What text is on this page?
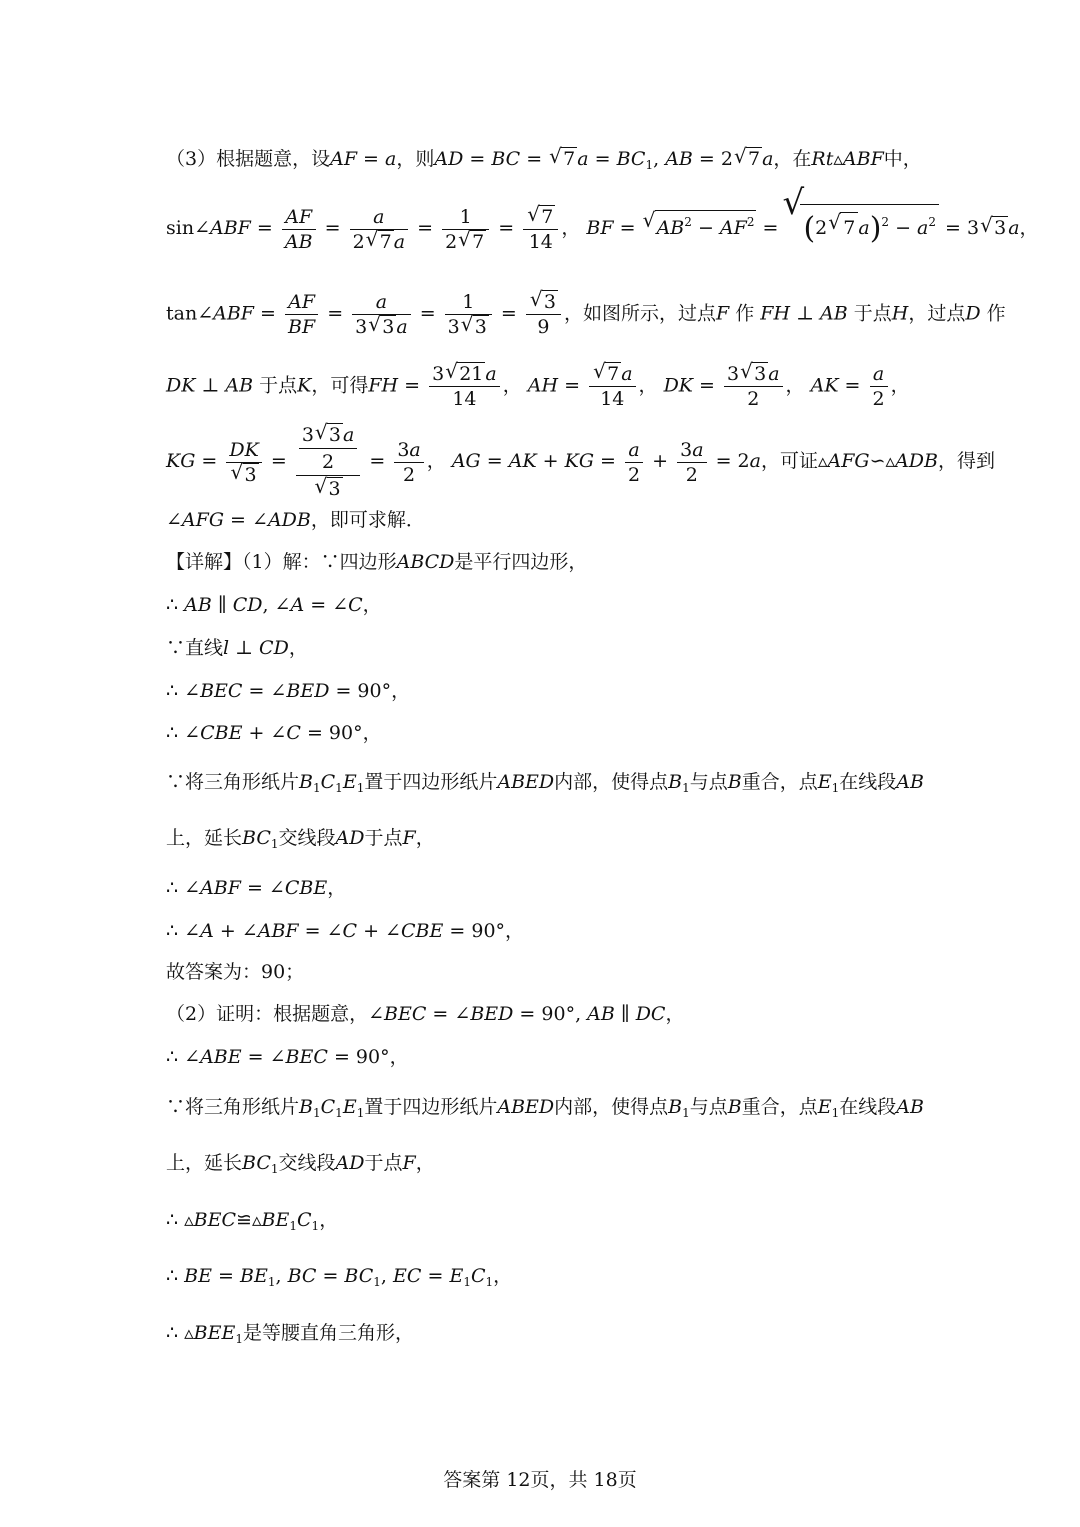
（3）根据题意，设AF = a，则AD = BC = √ 7 $a = BC_1$, AB = 2√ 7 a，在Rt▵ABF中，
sin∠ABF = $\frac{AF}{AB} = \frac{a}{2√ 7 a} = \frac{1}{2√ 7}$ =
√ $\frac{7}{14}$ ， BF = √ $AB^2 - AF^2$ = √ (2√ 7 $a)^2 - a^2 = 3√$ 3 a，
tan∠ABF = $\frac{AF}{BF} = \frac{a}{3√ 3 a} = \frac{1}{3√ 3}$ =
√ $\frac{3}{9}$ ，如图所示，过点F 作 FH ⊥ AB 于点H，过点D 作
DK ⊥ AB 于点K，可得FH = $\frac{3√ 21 a}{14}$ ， AH =
√ $\frac{7 a}{14}$ ， DK = $\frac{3√ 3 a}{2}$ ， AK = $\frac{a}{2}$ ，
KG = DK
√ $3 = \frac{3√ 3 a}{2}$
√ $3 = \frac{3a}{2}$ ， AG = AK + KG = $\frac{a}{2} + \frac{3a}{2} = 2a$，可证▵AFG∽▵ADB，得到
∠AFG = ∠ADB，即可求解．
【详解】（1）解：∵四边形ABCD是平行四边形，
∴ AB ∥ CD, ∠A = ∠C，
∵直线l ⊥ CD，
∴ ∠BEC = ∠BED = 90°，
∴ ∠CBE + ∠C = 90°，
∵将三角形纸片$B_1C_1E_1$置于四边形纸片ABED内部，使得点$B_1$与点B重合，点$E_1$在线段AB
上，延长$BC_1$交线段AD于点F，
∴ ∠ABF = ∠CBE，
∴ ∠A + ∠ABF = ∠C + ∠CBE = 90°，
故答案为：90；
（2）证明：根据题意，∠BEC = ∠BED = 90°, AB ∥ DC，
∴ ∠ABE = ∠BEC = 90°，
∵将三角形纸片$B_1C_1E_1$置于四边形纸片ABED内部，使得点$B_1$与点B重合，点$E_1$在线段AB
上，延长$BC_1$交线段AD于点F，
∴ $▵BEC≌▵BE_1C_1$，
∴ BE = $BE_1$, BC = $BC_1$, EC = $E_1C_1$，
∴ $▵BEE_1$是等腰直角三角形，
答案第 12页，共 18页
